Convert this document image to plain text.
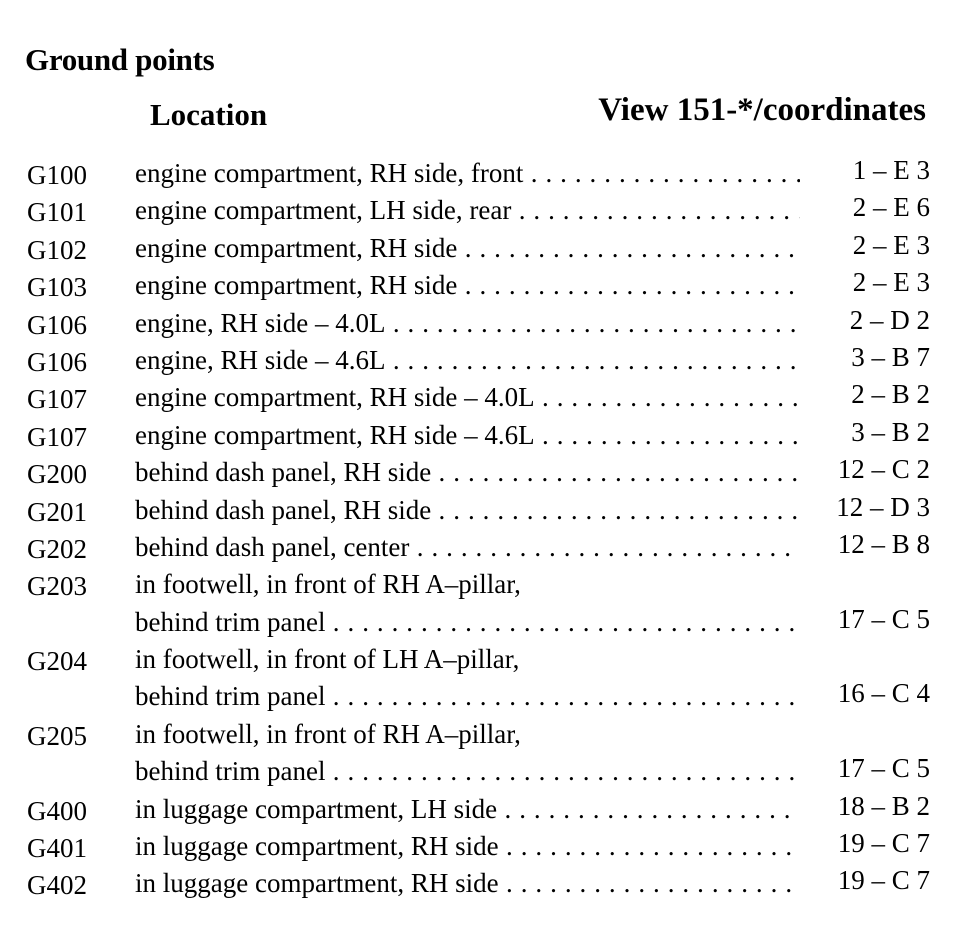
Ground points
Location	View 151-*/coordinates
G100 engine compartment, RH side, front . . .	1 – E 3
G101 engine compartment, LH side, rear . . .	2 – E 6
G102 engine compartment, RH side . . .	2 – E 3
G103 engine compartment, RH side . . .	2 – E 3
G106 engine, RH side – 4.0L . . .	2 – D 2
G106 engine, RH side – 4.6L . . .	3 – B 7
G107 engine compartment, RH side – 4.0L . . .	2 – B 2
G107 engine compartment, RH side – 4.6L . . .	3 – B 2
G200 behind dash panel, RH side . . .	12 – C 2
G201 behind dash panel, RH side . . .	12 – D 3
G202 behind dash panel, center . . .	12 – B 8
G203 in footwell, in front of RH A–pillar,
behind trim panel . . .	17 – C 5
G204 in footwell, in front of LH A–pillar,
behind trim panel . . .	16 – C 4
G205 in footwell, in front of RH A–pillar,
behind trim panel . . .	17 – C 5
G400 in luggage compartment, LH side . . .	18 – B 2
G401 in luggage compartment, RH side . . .	19 – C 7
G402 in luggage compartment, RH side . . .	19 – C 7
